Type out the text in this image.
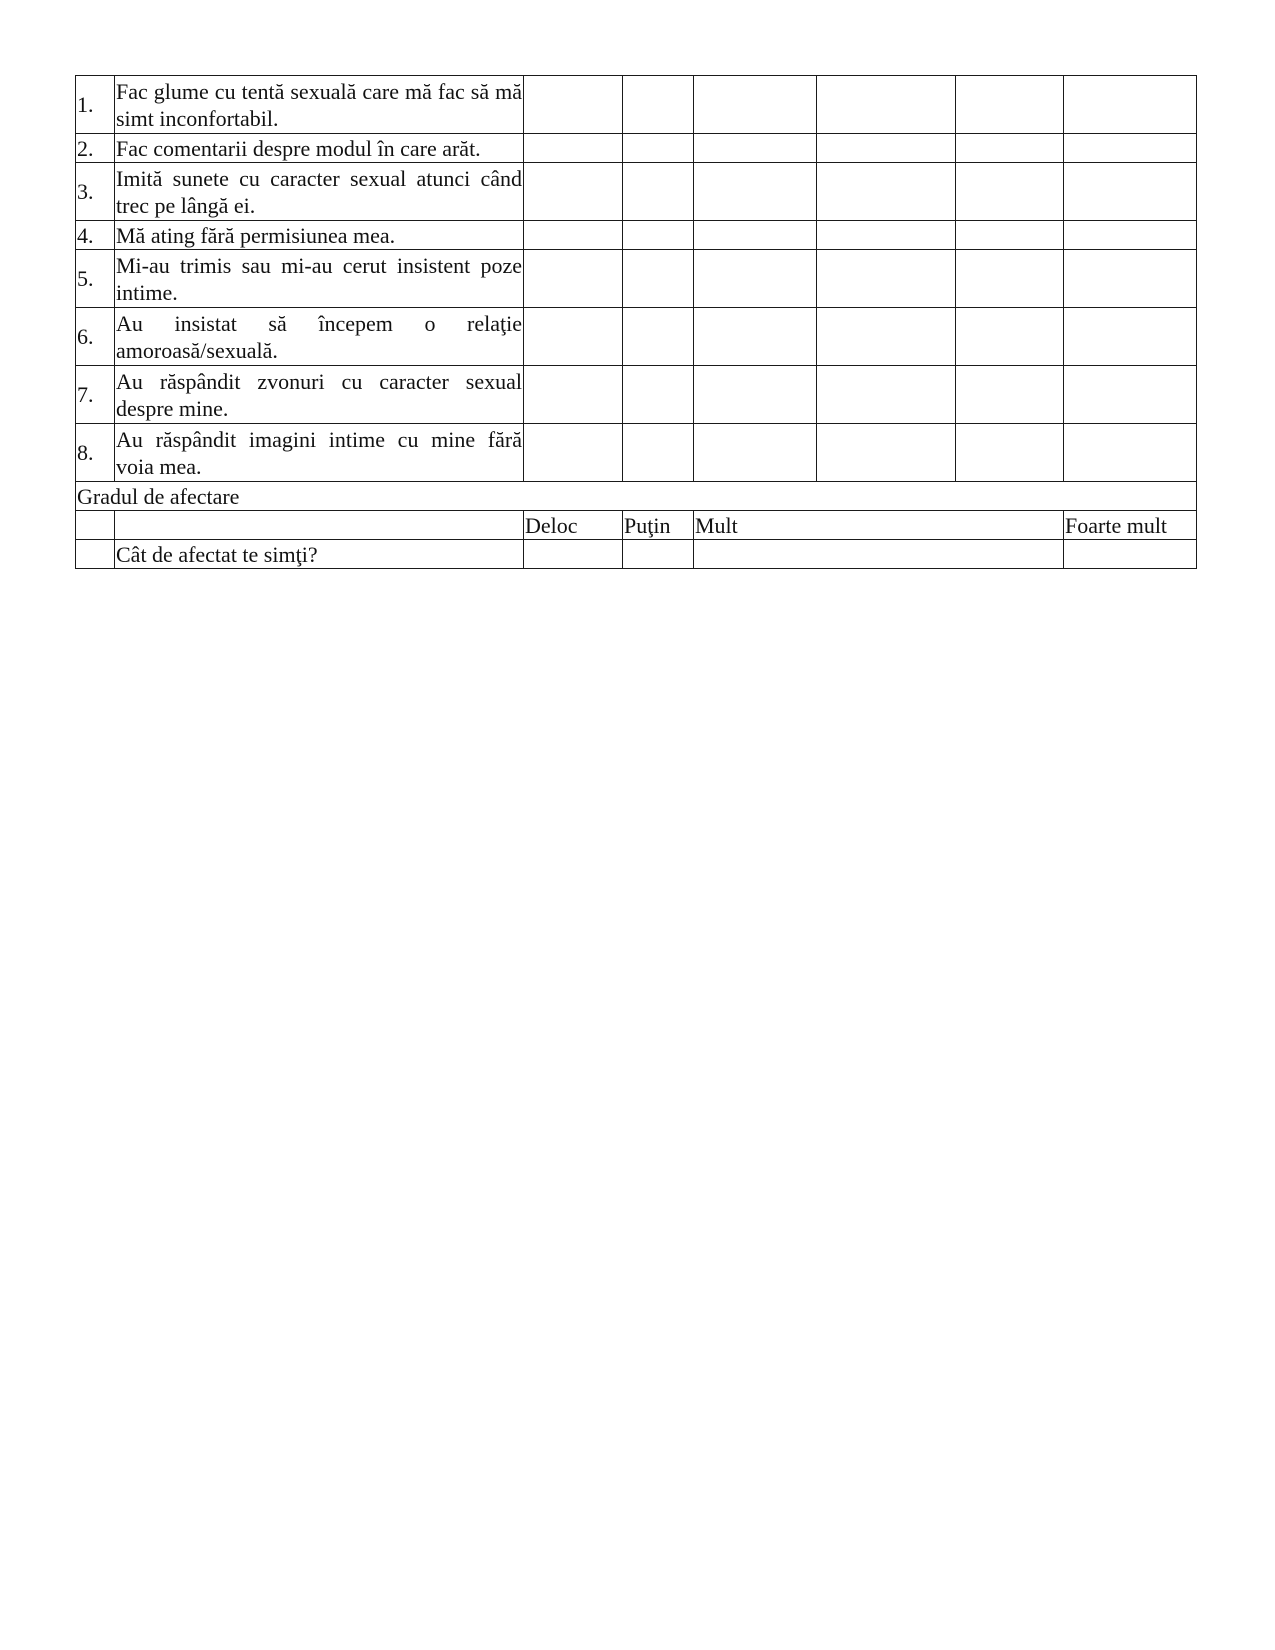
1.	Fac glume cu tentă sexuală care mă fac să mă simt inconfortabil.						
2.	Fac comentarii despre modul în care arăt.						
3.	Imită sunete cu caracter sexual atunci când trec pe lângă ei.						
4.	Mă ating fără permisiunea mea.						
5.	Mi-au trimis sau mi-au cerut insistent poze intime.						
6.	Au insistat să începem o relaţie amoroasă/sexuală.						
7.	Au răspândit zvonuri cu caracter sexual despre mine.						
8.	Au răspândit imagini intime cu mine fără voia mea.						
Gradul de afectare							
		Deloc	Puţin	Mult			Foarte mult
	Cât de afectat te simţi?						
